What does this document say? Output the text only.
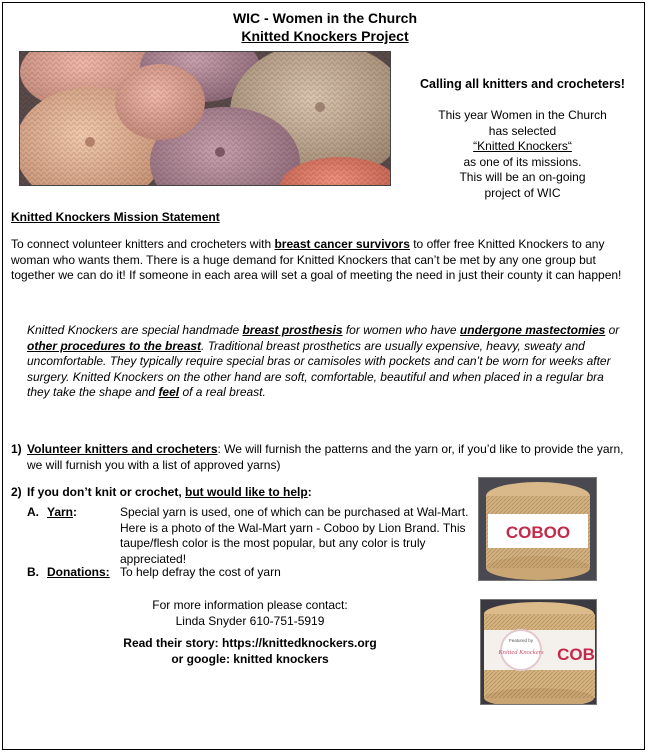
WIC - Women in the Church
Knitted Knockers Project
Calling all knitters and crocheters!
This year Women in the Church
has selected
“Knitted Knockers“
as one of its missions.
This will be an on-going
project of WIC
Knitted Knockers Mission Statement
To connect volunteer knitters and crocheters with breast cancer survivors to offer free Knitted Knockers to any woman who wants them. There is a huge demand for Knitted Knockers that can’t be met by any one group but together we can do it! If someone in each area will set a goal of meeting the need in just their county it can happen!
Knitted Knockers are special handmade breast prosthesis for women who have undergone mastectomies or other procedures to the breast. Traditional breast prosthetics are usually expensive, heavy, sweaty and uncomfortable. They typically require special bras or camisoles with pockets and can’t be worn for weeks after surgery. Knitted Knockers on the other hand are soft, comfortable, beautiful and when placed in a regular bra they take the shape and feel of a real breast.
1) Volunteer knitters and crocheters: We will furnish the patterns and the yarn or, if you’d like to provide the yarn, we will furnish you with a list of approved yarns)
2) If you don’t knit or crochet, but would like to help:
A. Yarn:	Special yarn is used, one of which can be purchased at Wal-Mart. Here is a photo of the Wal-Mart yarn - Coboo by Lion Brand. This taupe/flesh color is the most popular, but any color is truly appreciated!
B. Donations: To help defray the cost of yarn
For more information please contact:
Linda Snyder 610-751-5919
Read their story: https://knittedknockers.org
or google: knitted knockers
COBOO
Featured by
Knitted Knockers COB
